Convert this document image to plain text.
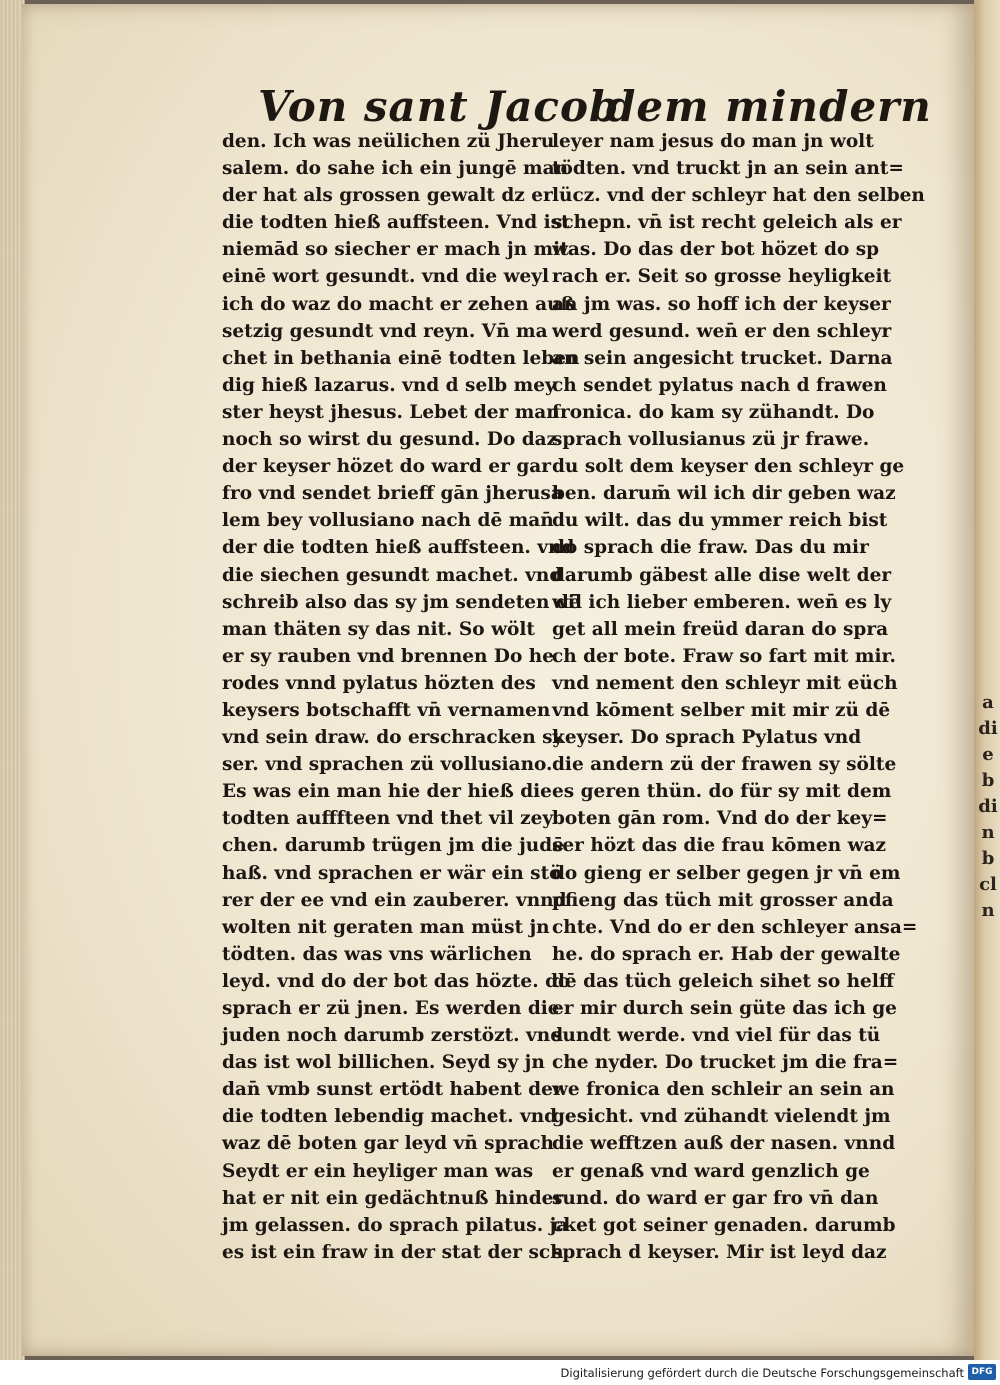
adiebdinbcln
Von sant Jacob
dem mindern
den. Ich was neülichen zü Jheru
salem. do sahe ich ein jungē man
der hat als grossen gewalt dz er
die todten hieß auffsteen. Vnd ist
niemād so siecher er mach jn mit
einē wort gesundt. vnd die weyl
ich do waz do macht er zehen auß
setzig gesundt vnd reyn. Vn̄ ma
chet in bethania einē todten leben
dig hieß lazarus. vnd d selb mey
ster heyst jhesus. Lebet der man
noch so wirst du gesund. Do daz
der keyser hözet do ward er gar
fro vnd sendet brieff gān jherusa
lem bey vollusiano nach dē man̄
der die todten hieß auffsteen. vnd
die siechen gesundt machet. vnd
schreib also das sy jm sendeten dē
man thäten sy das nit. So wölt
er sy rauben vnd brennen Do he
rodes vnnd pylatus hözten des
keysers botschafft vn̄ vernamen
vnd sein draw. do erschracken sy
ser. vnd sprachen zü vollusiano.
Es was ein man hie der hieß die
todten aufffteen vnd thet vil zey
chen. darumb trügen jm die judē
haß. vnd sprachen er wär ein stö
rer der ee vnd ein zauberer. vnnd
wolten nit geraten man müst jn
tödten. das was vns wärlichen
leyd. vnd do der bot das hözte. do
sprach er zü jnen. Es werden die
juden noch darumb zerstözt. vnd
das ist wol billichen. Seyd sy jn
dan̄ vmb sunst ertödt habent der
die todten lebendig machet. vnd
waz dē boten gar leyd vn̄ sprach
Seydt er ein heyliger man was
hat er nit ein gedächtnuß hinder
jm gelassen. do sprach pilatus. ja
es ist ein fraw in der stat der sch
leyer nam jesus do man jn wolt
tödten. vnd truckt jn an sein ant=
lücz. vnd der schleyr hat den selben
schepn. vn̄ ist recht geleich als er
was. Do das der bot hözet do sp
rach er. Seit so grosse heyligkeit
an jm was. so hoff ich der keyser
werd gesund. wen̄ er den schleyr
an sein angesicht trucket. Darna
ch sendet pylatus nach d frawen
fronica. do kam sy zühandt. Do
sprach vollusianus zü jr frawe.
du solt dem keyser den schleyr ge
ben. darum̄ wil ich dir geben waz
du wilt. das du ymmer reich bist
do sprach die fraw. Das du mir
darumb gäbest alle dise welt der
wil ich lieber emberen. wen̄ es ly
get all mein freüd daran do spra
ch der bote. Fraw so fart mit mir.
vnd nement den schleyr mit eüch
vnd kōment selber mit mir zü dē
keyser. Do sprach Pylatus vnd
die andern zü der frawen sy sölte
es geren thün. do für sy mit dem
boten gān rom. Vnd do der key=
ser hözt das die frau kōmen waz
do gieng er selber gegen jr vn̄ em
pfieng das tüch mit grosser anda
chte. Vnd do er den schleyer ansa=
he. do sprach er. Hab der gewalte
dē das tüch geleich sihet so helff
er mir durch sein güte das ich ge
sundt werde. vnd viel für das tü
che nyder. Do trucket jm die fra=
we fronica den schleir an sein an
gesicht. vnd zühandt vielendt jm
die wefftzen auß der nasen. vnnd
er genaß vnd ward genzlich ge
sund. do ward er gar fro vn̄ dan
cket got seiner genaden. darumb
sprach d keyser. Mir ist leyd daz
Digitalisierung gefördert durch die Deutsche Forschungsgemeinschaft DFG
